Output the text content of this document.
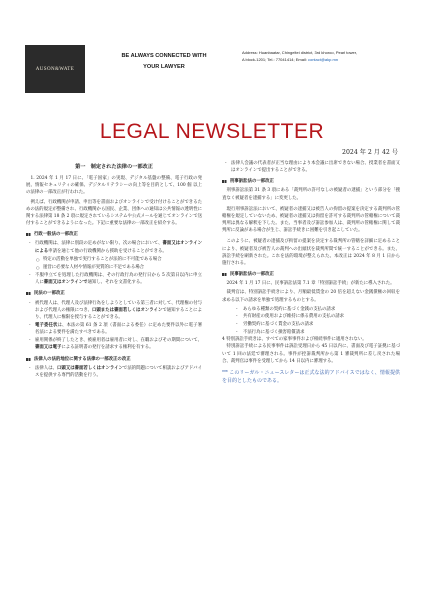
AUSON&WATE
BE ALWAYS CONNECTED WITH
YOUR LAWYER
Address: Huanbaatar, Chingeltei district, 3rd khoroo, Pearl tower,
A block-1201; Tel.: 77041414; Email: contact@akp.mn
LEGAL NEWSLETTER
2024 年 2 月 42 号
第一　制定された法律の一部改正
1. 2024 年 1 月 17 日に、「電子国家」の実現、デジタル基盤の整備、電子行政の発展、情報セキュリティの確保、デジタルリテラシーの向上等を目的として、100 個 以上の法律の一部改正が行われた。
例えば、行政機関が申請、申出等を書面およびオンラインで受け付けることができるための法的規定が整備され、行政機関から国民、企業、団体への通知は公共情報の透明性に関する法律第 18 条 2 項に規定されているシステムや公式メールを通じてオンラインで送付することができるようになった。下記に重要な法律の一部改正を紹介する。
行政一般法の一部改正
- 行政機関は、法律に別段の定めがない限り、次の場合において、書面又はオンラインによる申請を通じて他の行政機関から援助を受けることができる。
○ 特定の活動を単独で実行することが法的に不可能である場合
○ 運営に必要な人材や情報が実質的に不足である場合
- 不服申立てを処理した行政機関は、その行政行為の発行日から 5 次第日以内に申立人に書面又はオンラインで通知し、それを文書化する。
民法の一部改正
- 被代理人は、代理人及び法律行為をしようとしている第三者に対して、代理権の付与および代理人の権限につき、口頭または書面若しくはオンラインで通知することにより、代理人に権限を授与することができる。
- 電子委任状は、本法の第 61 条 2 項（書面による委任）に定めた要件以外に電子署名法による要件を満たすべきである。
- 雇用関係が終了したとき、被雇用者は雇用者に対し、在職およびその期間について、書面又は電子による証明書の発行を請求する権利を有する。
法律人の法的地位に関する法律の一部改正の改正
- 法律人は、口頭又は書面若しくはオンラインで法的問題について相談およびアドバイスを提供する専門的活動を行う。
- 法律人会議の代表者が正当な理由により本会議に出席できない場合、授業者を書面又はオンラインで提出することができる。
刑事訴訟法の一部改正
刑事訴訟法第 31 条 3 項にある「裁判所の許可なしの被疑者の逮捕」という部分を「捜査なく被疑者を逮捕する」に変更した。
現行刑事訴訟法において、被疑者の逮捕又は被告人の拘留の提案を決定する裁判所の管轄権を規定していないため、被疑者の逮捕又は拘留を許可する裁判所の管轄権について裁判所は異なる解釈を下した。また、当事者及び訴訟参加人は、裁判所の管轄権に関して裁判所に反論がある場合が生じ、訴訟手続きに困難を引き起こしていた。
このように、被疑者の逮捕及び拘留の提案を決定する裁判所の管轄を詳細に定めることにより、被疑者及び被告人の裁判への出頭状を裁判所間で統一することができる。また、訴訟手続を刷新された。これを法的環境が整えられた。本改正は 2024 年 8 月 1 日から施行される。
民事訴訟法の一部改正
2024 年 1 月 17 日に、民事訴訟法第 7.1 章「特別訴訟手続」が新たに導入された。
裁判官は、特別訴訟手続きにより、月額最低賃金の 20 倍を超えない金銭債権の回収を求める以下の請求を単独で処理するものとする。
- あらゆる種類の契約に基づく金銭の支払の請求
- 共有財産の使用および維持に係る費用の支払の請求
- 労働契約に基づく賃金の支払の請求
- 不法行為に基づく損害賠償請求
4 特別訴訟手続きは、すべての家事事件および相続事件に適用されない。
特別訴訟手続による民事事件は訴訟受理日から 45 日以内に、書面及び電子証拠に基づいて 1 回の法廷で審理される。事件が控訴裁判所から第 1 審裁判所に差し戻された場合、裁判官は事件を受理してから 14 日以内に審理する。
*** このリーガル・ニュースレターは正式な法的アドバイスではなく、情報提供を目的としたものである。
